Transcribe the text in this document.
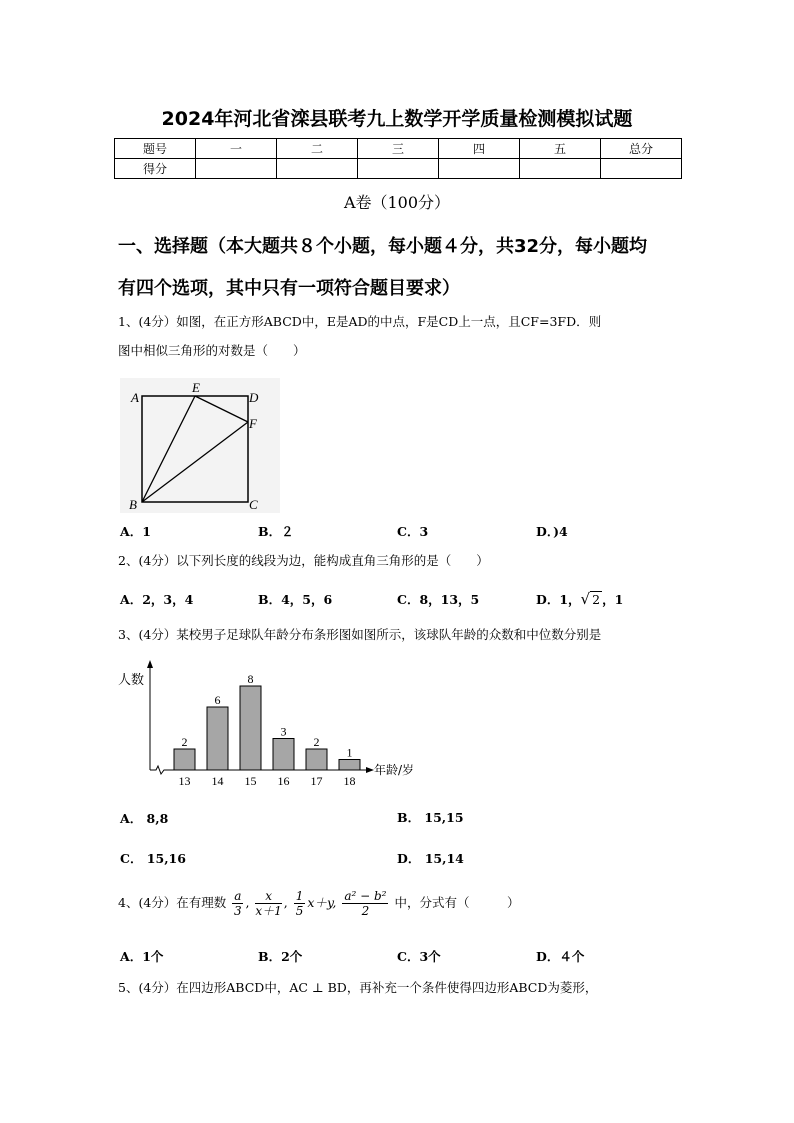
2024年河北省滦县联考九上数学开学质量检测模拟试题
题号	一	二	三	四	五	总分
得分						
A卷（100分）
一、选择题（本大题共８个小题，每小题４分，共32分，每小题均
有四个选项，其中只有一项符合题目要求）
1、(4分）如图，在正方形ABCD中，E是AD的中点，F是CD上一点，且CF=3FD．则
图中相似三角形的对数是（　　）
A
E
D
F
B	C
A．1	B．２	C．3	D．)4
2、(4分）以下列长度的线段为边，能构成直角三角形的是（　　）
A．2，3，4	B．4，5，6	C．8，13，5	D．1，√ 2 ，1
3、(4分）某校男子足球队年龄分布条形图如图所示，该球队年龄的众数和中位数分别是
人数
年龄/岁
2
13
6
14
8
15
3
16
2
17
1
18
A． 8,8	B． 15,15
C． 15,16	D． 15,14
4、(4分）在有理数 $\frac{a}{3}$ , $\frac{x}{x+1}$ , $\frac{1}{5} x+y$, $\frac{\text{a² − b²}}{2}$ 中，分式有（　　　）
A．1个	B．2个	C．3个	D．４个
5、(4分）在四边形ABCD中，AC ⊥ BD，再补充一个条件使得四边形ABCD为菱形，
